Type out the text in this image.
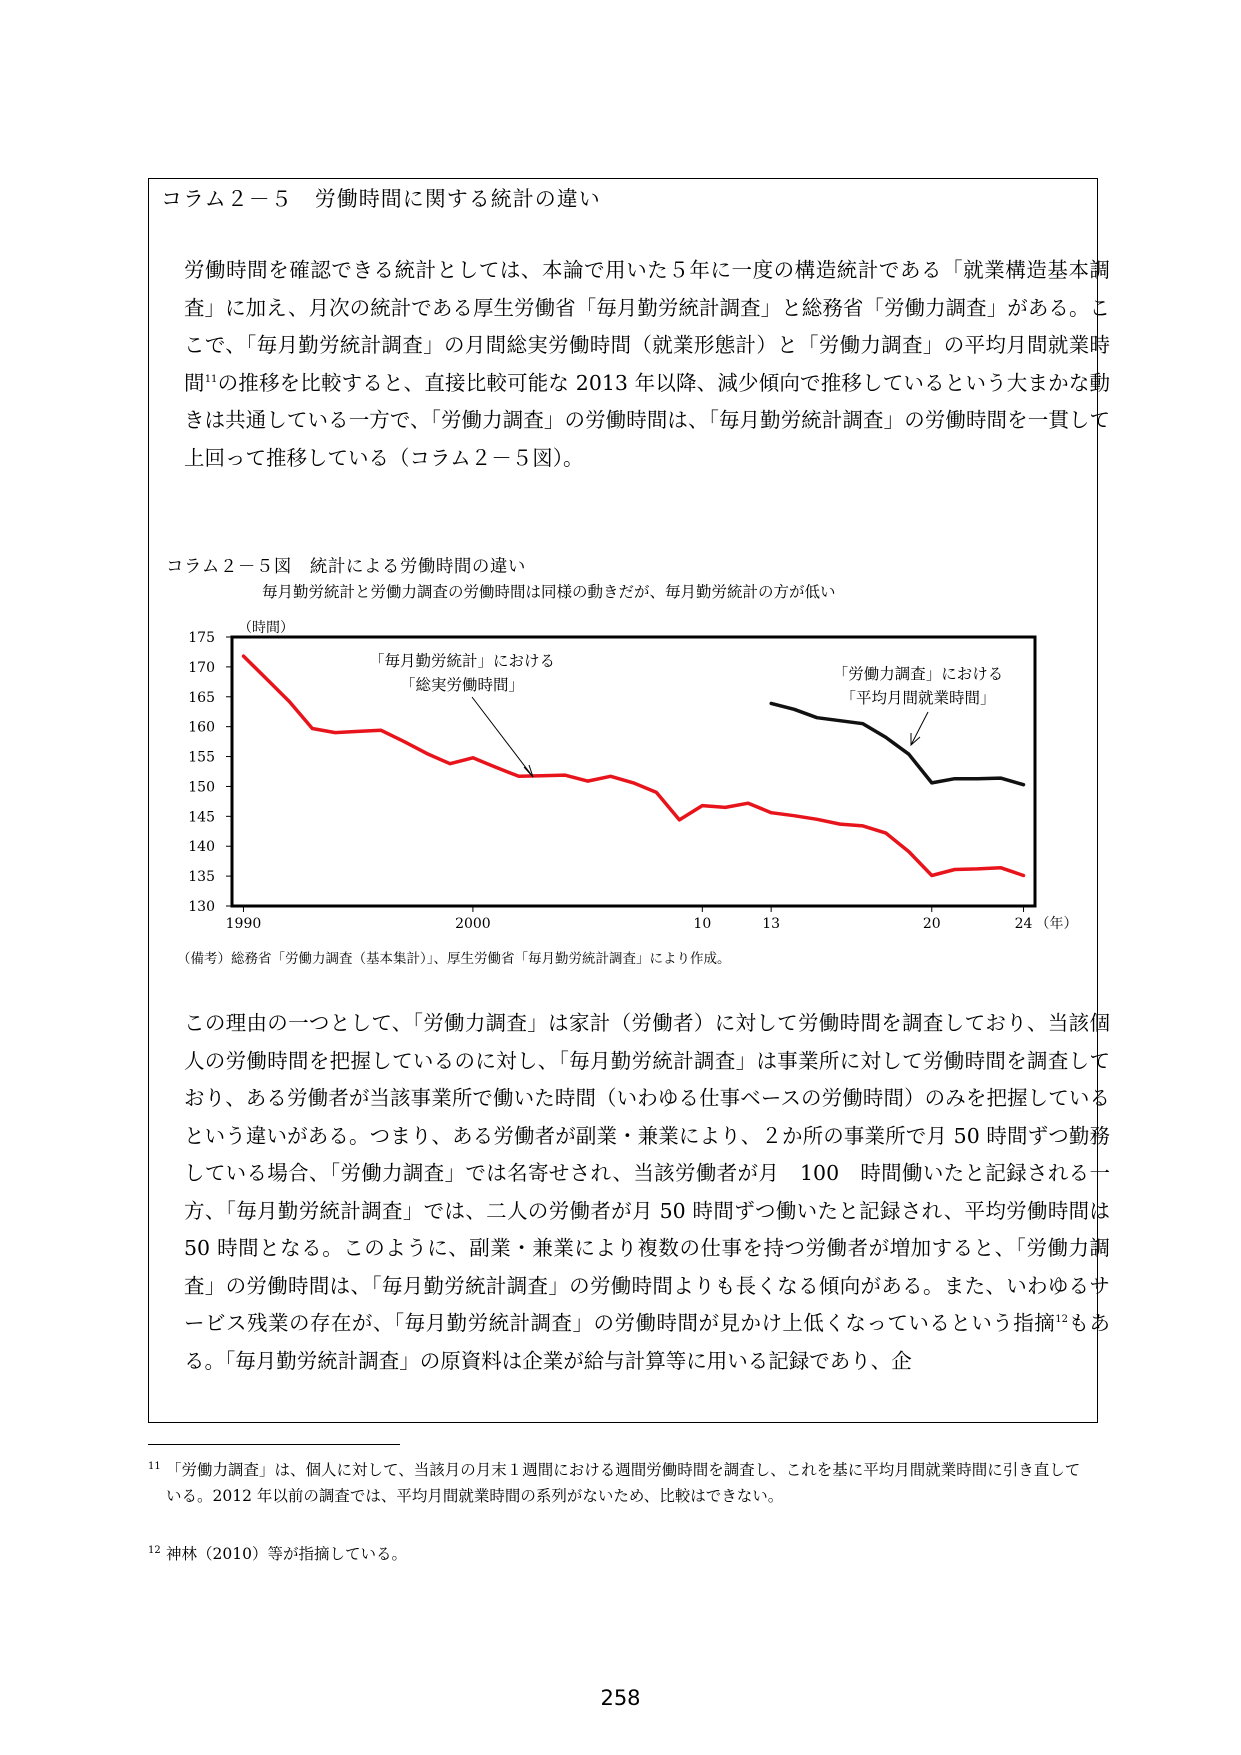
コラム２－５　労働時間に関する統計の違い

労働時間を確認できる統計としては、本論で用いた５年に一度の構造統計である「就業構造基本調査」に加え、月次の統計である厚生労働省「毎月勤労統計調査」と総務省「労働力調査」がある。ここで、「毎月勤労統計調査」の月間総実労働時間（就業形態計）と「労働力調査」の平均月間就業時間$^{11}$の推移を比較すると、直接比較可能な 2013 年以降、減少傾向で推移しているという大まかな動きは共通している一方で、「労働力調査」の労働時間は、「毎月勤労統計調査」の労働時間を一貫して上回って推移している（コラム２－５図）。

コラム２－５図　統計による労働時間の違い
毎月勤労統計と労働力調査の労働時間は同様の動きだが、毎月勤労統計の方が低い
130
135
140
145
150
155
160
165
170
175
（時間）
1990	2000	10	13	20	24 （年）
「毎月勤労統計」における
「総実労働時間」
「労働力調査」における
「平均月間就業時間」
（備考）総務省「労働力調査（基本集計）」、厚生労働省「毎月勤労統計調査」により作成。

この理由の一つとして、「労働力調査」は家計（労働者）に対して労働時間を調査しており、当該個人の労働時間を把握しているのに対し、「毎月勤労統計調査」は事業所に対して労働時間を調査しており、ある労働者が当該事業所で働いた時間（いわゆる仕事ベースの労働時間）のみを把握しているという違いがある。つまり、ある労働者が副業・兼業により、２か所の事業所で月 50 時間ずつ勤務している場合、「労働力調査」では名寄せされ、当該労働者が月　100　時間働いたと記録される一方、「毎月勤労統計調査」では、二人の労働者が月 50 時間ずつ働いたと記録され、平均労働時間は 50 時間となる。このように、副業・兼業により複数の仕事を持つ労働者が増加すると、「労働力調査」の労働時間は、「毎月勤労統計調査」の労働時間よりも長くなる傾向がある。また、いわゆるサービス残業の存在が、「毎月勤労統計調査」の労働時間が見かけ上低くなっているという指摘$^{12}$もある。「毎月勤労統計調査」の原資料は企業が給与計算等に用いる記録であり、企

11 「労働力調査」は、個人に対して、当該月の月末１週間における週間労働時間を調査し、これを基に平均月間就業時間に引き直している。2012 年以前の調査では、平均月間就業時間の系列がないため、比較はできない。
12 神林（2010）等が指摘している。
258
